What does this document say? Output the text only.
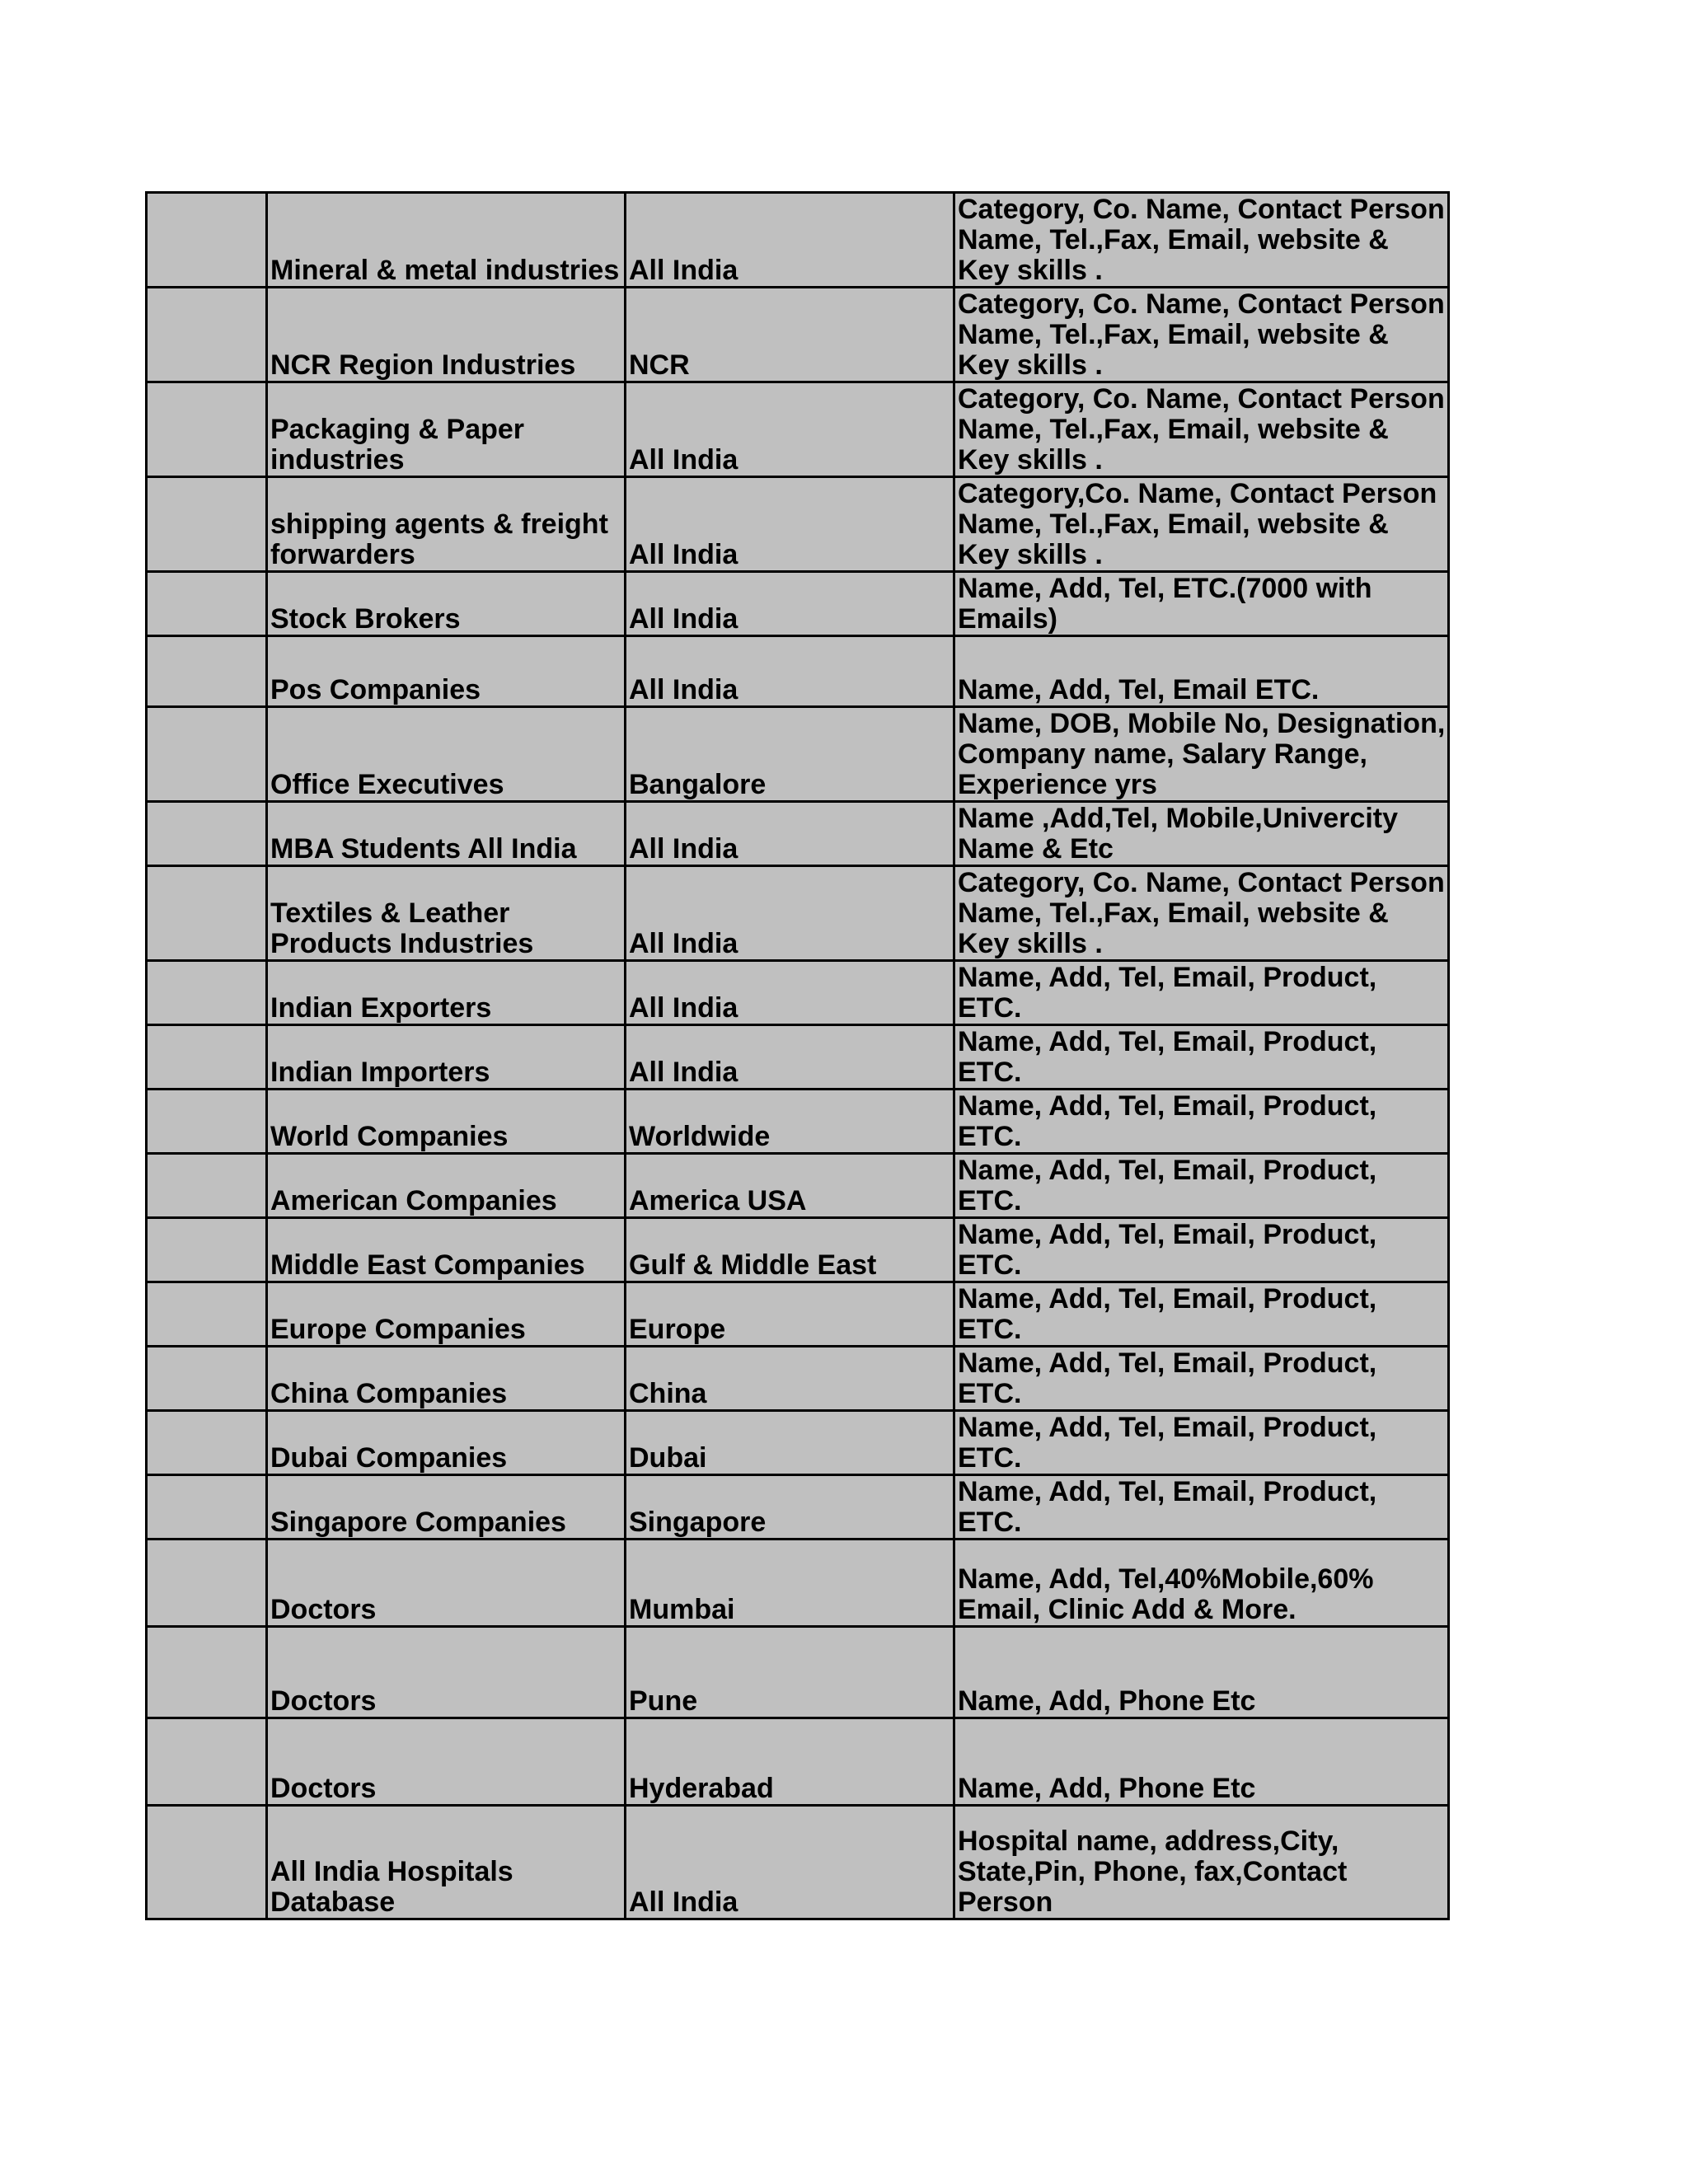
	Mineral & metal industries	All India	Category, Co. Name, Contact Person Name, Tel.,Fax, Email, website & Key skills .
	NCR Region Industries	NCR	Category, Co. Name, Contact Person Name, Tel.,Fax, Email, website & Key skills .
	Packaging & Paper industries	All India	Category, Co. Name, Contact Person Name, Tel.,Fax, Email, website & Key skills .
	shipping agents & freight forwarders	All India	Category,Co. Name, Contact Person Name, Tel.,Fax, Email, website & Key skills .
	Stock Brokers	All India	Name, Add, Tel, ETC.(7000 with Emails)
	Pos Companies	All India	Name, Add, Tel, Email ETC.
	Office Executives	Bangalore	Name, DOB, Mobile No, Designation, Company name, Salary Range, Experience yrs
	MBA Students All India	All India	Name ,Add,Tel, Mobile,Univercity Name & Etc
	Textiles & Leather Products Industries	All India	Category, Co. Name, Contact Person Name, Tel.,Fax, Email, website & Key skills .
	Indian Exporters	All India	Name, Add, Tel, Email, Product, ETC.
	Indian Importers	All India	Name, Add, Tel, Email, Product, ETC.
	World Companies	Worldwide	Name, Add, Tel, Email, Product, ETC.
	American Companies	America USA	Name, Add, Tel, Email, Product, ETC.
	Middle East Companies	Gulf & Middle East	Name, Add, Tel, Email, Product, ETC.
	Europe Companies	Europe	Name, Add, Tel, Email, Product, ETC.
	China Companies	China	Name, Add, Tel, Email, Product, ETC.
	Dubai Companies	Dubai	Name, Add, Tel, Email, Product, ETC.
	Singapore Companies	Singapore	Name, Add, Tel, Email, Product, ETC.
	Doctors	Mumbai	Name, Add, Tel,40%Mobile,60% Email, Clinic Add & More.
	Doctors	Pune	Name, Add, Phone Etc
	Doctors	Hyderabad	Name, Add, Phone Etc
	All India Hospitals Database	All India	Hospital name, address,City, State,Pin, Phone, fax,Contact Person
